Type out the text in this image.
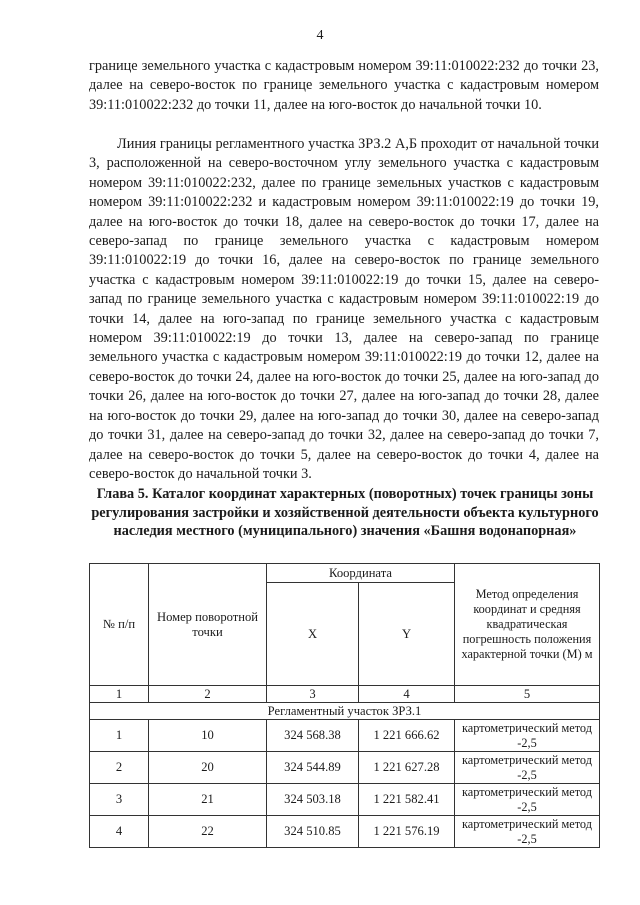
4

границе земельного участка с кадастровым номером 39:11:010022:232 до точки 23, далее на северо-восток по границе земельного участка с кадастровым номером 39:11:010022:232 до точки 11, далее на юго-восток до начальной точки 10.

Линия границы регламентного участка ЗРЗ.2 А,Б проходит от начальной точки 3, расположенной на северо-восточном углу земельного участка с кадастровым номером 39:11:010022:232, далее по границе земельных участков с кадастровым номером 39:11:010022:232 и кадастровым номером 39:11:010022:19 до точки 19, далее на юго-восток до точки 18, далее на северо-восток до точки 17, далее на северо-запад по границе земельного участка с кадастровым номером 39:11:010022:19 до точки 16, далее на северо-восток по границе земельного участка с кадастровым номером 39:11:010022:19 до точки 15, далее на северо-запад по границе земельного участка с кадастровым номером 39:11:010022:19 до точки 14, далее на юго-запад по границе земельного участка с кадастровым номером 39:11:010022:19 до точки 13, далее на северо-запад по границе земельного участка с кадастровым номером 39:11:010022:19 до точки 12, далее на северо-восток до точки 24, далее на юго-восток до точки 25, далее на юго-запад до точки 26, далее на юго-восток до точки 27, далее на юго-запад до точки 28, далее на юго-восток до точки 29, далее на юго-запад до точки 30, далее на северо-запад до точки 31, далее на северо-запад до точки 32, далее на северо-запад до точки 7, далее на северо-восток до точки 5, далее на северо-восток до точки 4, далее на северо-восток до начальной точки 3.

Глава 5. Каталог координат характерных (поворотных) точек границы зоны регулирования застройки и хозяйственной деятельности объекта культурного наследия местного (муниципального) значения «Башня водонапорная»
№ п/п	Номер поворотной точки	Координата		Метод определения координат и средняя квадратическая погрешность положения характерной точки (М) м
		X	Y	
1	2	3	4	5
Регламентный участок ЗРЗ.1				
1	10	324 568.38	1 221 666.62	картометрический метод -2,5
2	20	324 544.89	1 221 627.28	картометрический метод -2,5
3	21	324 503.18	1 221 582.41	картометрический метод -2,5
4	22	324 510.85	1 221 576.19	картометрический метод -2,5
